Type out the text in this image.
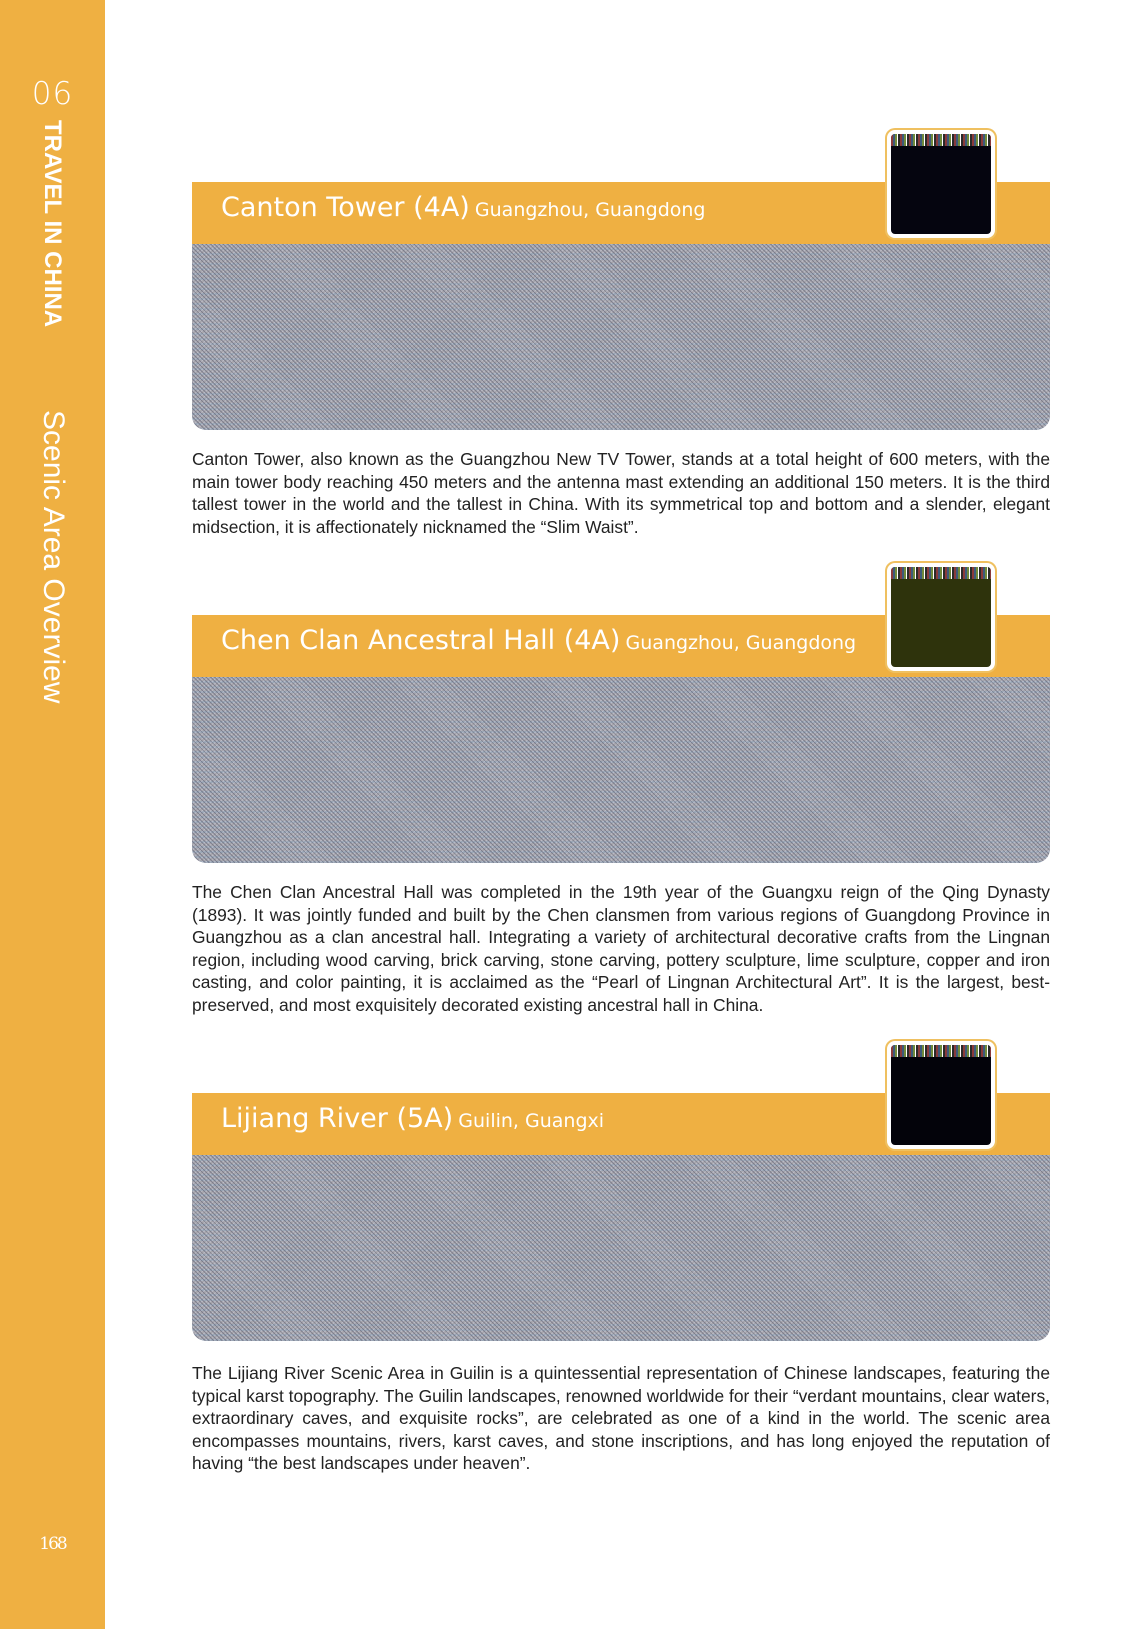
06
TRAVEL IN CHINA
Scenic Area Overview
168
Canton Tower (4A) Guangzhou, Guangdong

Canton Tower, also known as the Guangzhou New TV Tower, stands at a total height of 600 meters, with the main tower body reaching 450 meters and the antenna mast extending an additional 150 meters. It is the third tallest tower in the world and the tallest in China. With its symmetrical top and bottom and a slender, elegant midsection, it is affectionately nicknamed the “Slim Waist”.

Chen Clan Ancestral Hall (4A) Guangzhou, Guangdong

The Chen Clan Ancestral Hall was completed in the 19th year of the Guangxu reign of the Qing Dynasty (1893). It was jointly funded and built by the Chen clansmen from various regions of Guangdong Province in Guangzhou as a clan ancestral hall. Integrating a variety of architectural decorative crafts from the Lingnan region, including wood carving, brick carving, stone carving, pottery sculpture, lime sculpture, copper and iron casting, and color painting, it is acclaimed as the “Pearl of Lingnan Architectural Art”. It is the largest, best-preserved, and most exquisitely decorated existing ancestral hall in China.

Lijiang River (5A) Guilin, Guangxi

The Lijiang River Scenic Area in Guilin is a quintessential representation of Chinese landscapes, featuring the typical karst topography. The Guilin landscapes, renowned worldwide for their “verdant mountains, clear waters, extraordinary caves, and exquisite rocks”, are celebrated as one of a kind in the world. The scenic area encompasses mountains, rivers, karst caves, and stone inscriptions, and has long enjoyed the reputation of having “the best landscapes under heaven”.
